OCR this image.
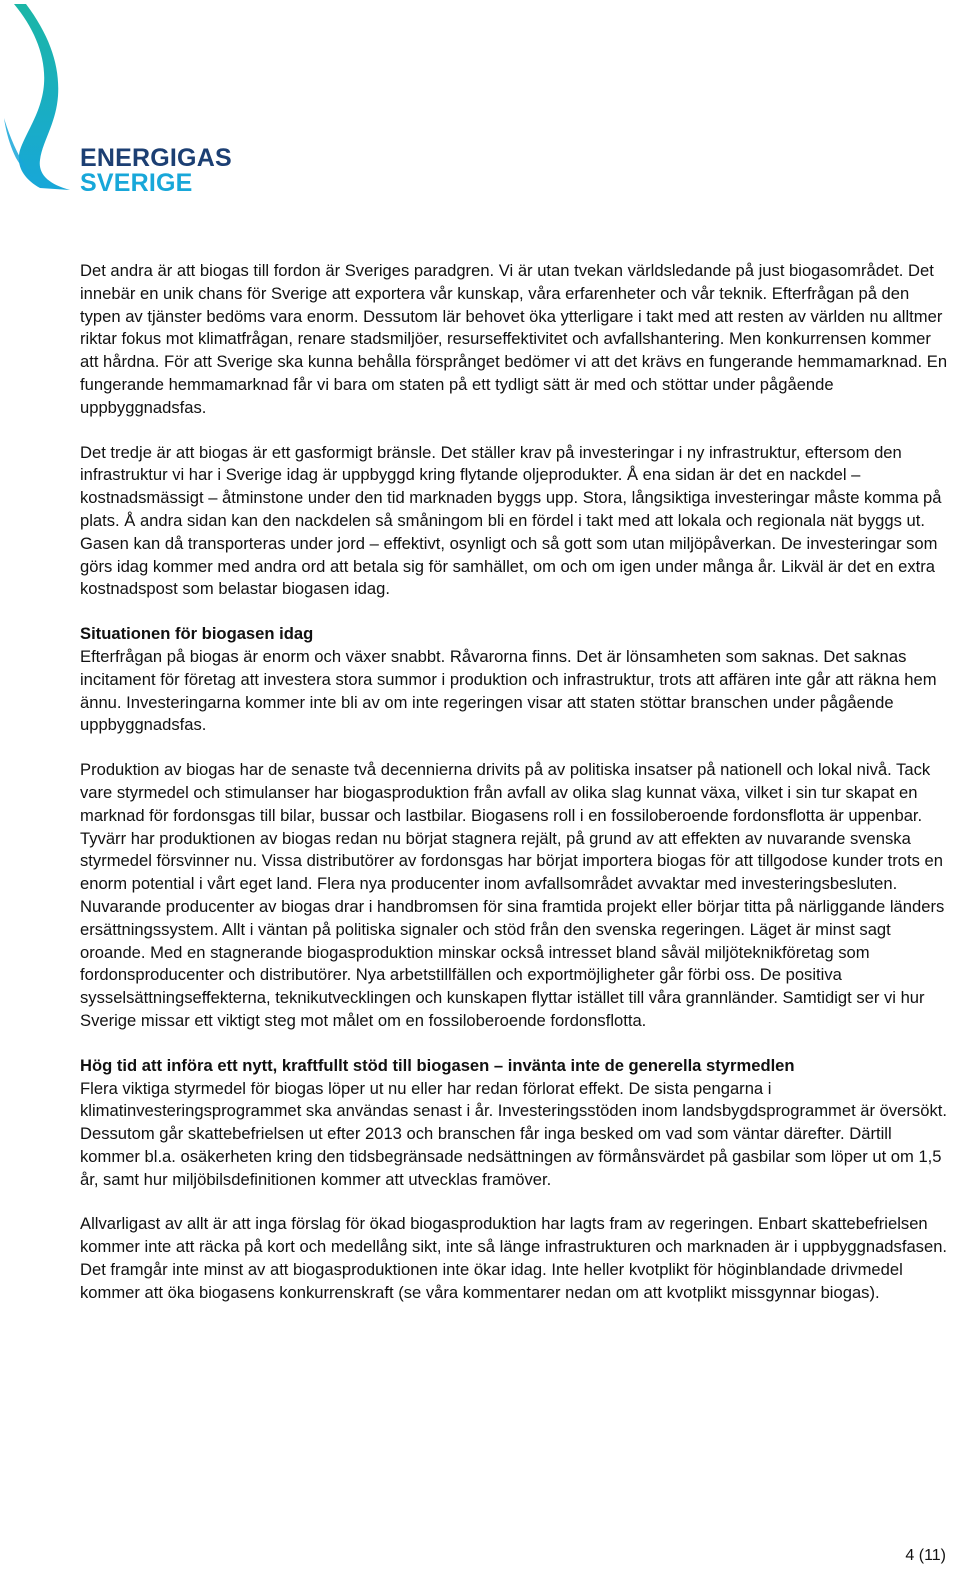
ENERGIGAS
SVERIGE

Det andra är att biogas till fordon är Sveriges paradgren. Vi är utan tvekan världsledande på just biogasområdet. Det innebär en unik chans för Sverige att exportera vår kunskap, våra erfarenheter och vår teknik. Efterfrågan på den typen av tjänster bedöms vara enorm. Dessutom lär behovet öka ytterligare i takt med att resten av världen nu alltmer riktar fokus mot klimatfrågan, renare stadsmiljöer, resurseffektivitet och avfallshantering. Men konkurrensen kommer att hårdna. För att Sverige ska kunna behålla försprånget bedömer vi att det krävs en fungerande hemmamarknad. En fungerande hemmamarknad får vi bara om staten på ett tydligt sätt är med och stöttar under pågående uppbyggnadsfas.

Det tredje är att biogas är ett gasformigt bränsle. Det ställer krav på investeringar i ny infrastruktur, eftersom den infrastruktur vi har i Sverige idag är uppbyggd kring flytande oljeprodukter. Å ena sidan är det en nackdel – kostnadsmässigt – åtminstone under den tid marknaden byggs upp. Stora, långsiktiga investeringar måste komma på plats. Å andra sidan kan den nackdelen så småningom bli en fördel i takt med att lokala och regionala nät byggs ut. Gasen kan då transporteras under jord – effektivt, osynligt och så gott som utan miljöpåverkan. De investeringar som görs idag kommer med andra ord att betala sig för samhället, om och om igen under många år. Likväl är det en extra kostnadspost som belastar biogasen idag.

Situationen för biogasen idag

Efterfrågan på biogas är enorm och växer snabbt. Råvarorna finns. Det är lönsamheten som saknas. Det saknas incitament för företag att investera stora summor i produktion och infrastruktur, trots att affären inte går att räkna hem ännu. Investeringarna kommer inte bli av om inte regeringen visar att staten stöttar branschen under pågående uppbyggnadsfas.

Produktion av biogas har de senaste två decennierna drivits på av politiska insatser på nationell och lokal nivå. Tack vare styrmedel och stimulanser har biogasproduktion från avfall av olika slag kunnat växa, vilket i sin tur skapat en marknad för fordonsgas till bilar, bussar och lastbilar. Biogasens roll i en fossiloberoende fordonsflotta är uppenbar. Tyvärr har produktionen av biogas redan nu börjat stagnera rejält, på grund av att effekten av nuvarande svenska styrmedel försvinner nu. Vissa distributörer av fordonsgas har börjat importera biogas för att tillgodose kunder trots en enorm potential i vårt eget land. Flera nya producenter inom avfallsområdet avvaktar med investeringsbesluten. Nuvarande producenter av biogas drar i handbromsen för sina framtida projekt eller börjar titta på närliggande länders ersättningssystem. Allt i väntan på politiska signaler och stöd från den svenska regeringen. Läget är minst sagt oroande. Med en stagnerande biogasproduktion minskar också intresset bland såväl miljöteknikföretag som fordonsproducenter och distributörer. Nya arbetstillfällen och exportmöjligheter går förbi oss. De positiva sysselsättningseffekterna, teknikutvecklingen och kunskapen flyttar istället till våra grannländer. Samtidigt ser vi hur Sverige missar ett viktigt steg mot målet om en fossiloberoende fordonsflotta.

Hög tid att införa ett nytt, kraftfullt stöd till biogasen – invänta inte de generella styrmedlen

Flera viktiga styrmedel för biogas löper ut nu eller har redan förlorat effekt. De sista pengarna i klimatinvesteringsprogrammet ska användas senast i år. Investeringsstöden inom landsbygdsprogrammet är översökt. Dessutom går skattebefrielsen ut efter 2013 och branschen får inga besked om vad som väntar därefter. Därtill kommer bl.a. osäkerheten kring den tidsbegränsade nedsättningen av förmånsvärdet på gasbilar som löper ut om 1,5 år, samt hur miljöbilsdefinitionen kommer att utvecklas framöver.

Allvarligast av allt är att inga förslag för ökad biogasproduktion har lagts fram av regeringen. Enbart skattebefrielsen kommer inte att räcka på kort och medellång sikt, inte så länge infrastrukturen och marknaden är i uppbyggnadsfasen. Det framgår inte minst av att biogasproduktionen inte ökar idag. Inte heller kvotplikt för höginblandade drivmedel kommer att öka biogasens konkurrenskraft (se våra kommentarer nedan om att kvotplikt missgynnar biogas).

4 (11)
